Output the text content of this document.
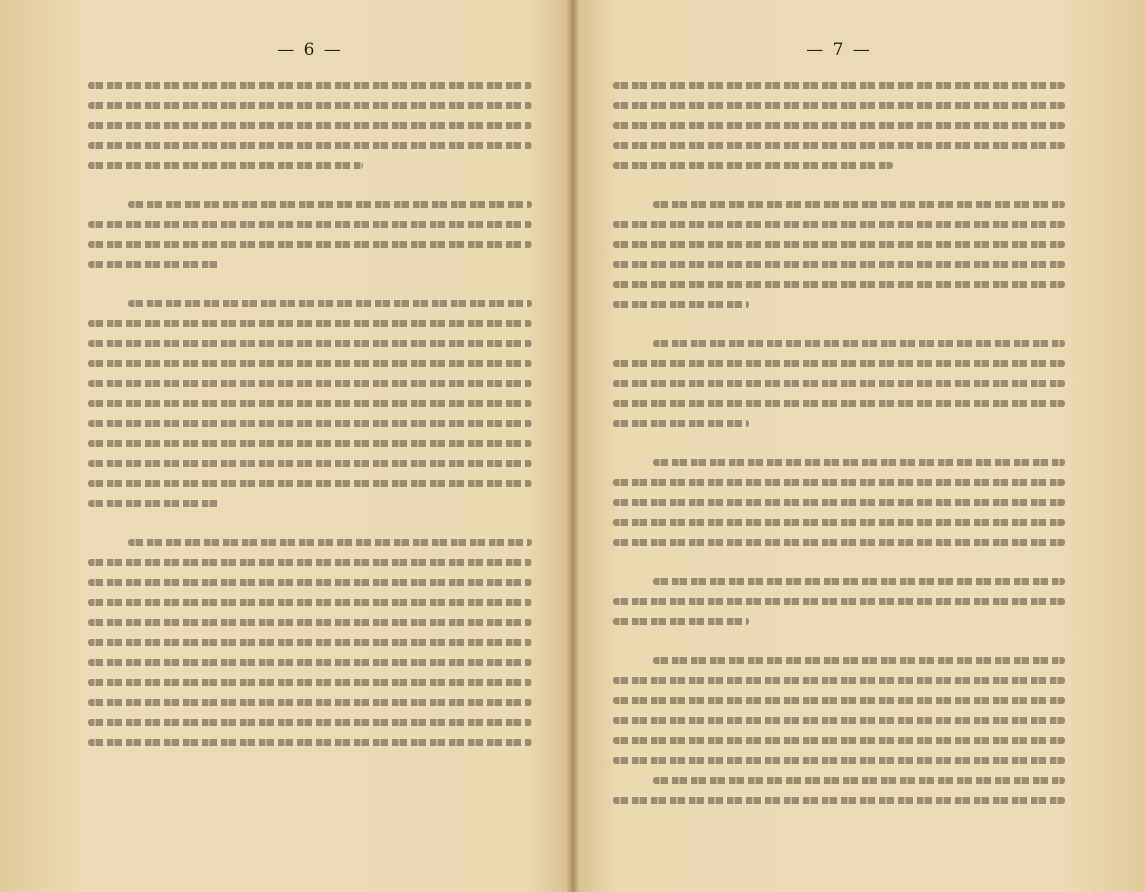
— 6 —	— 7 —
